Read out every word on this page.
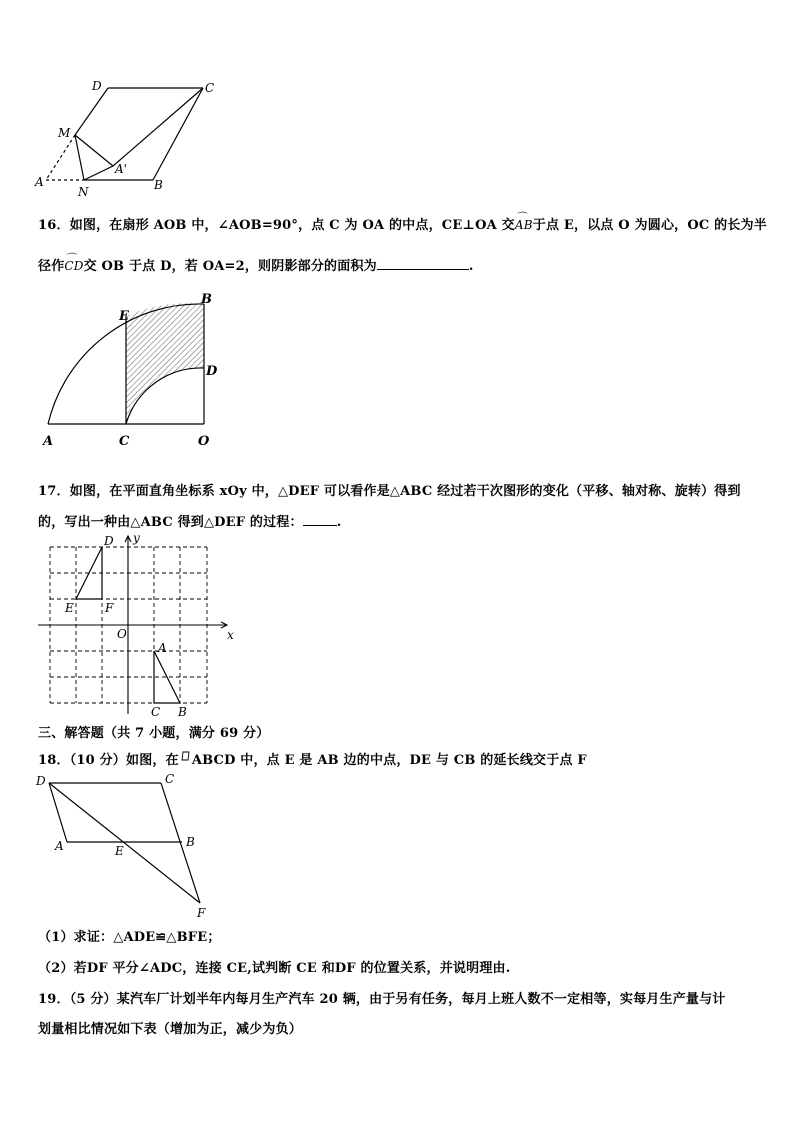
D	C
M
A'
A
N	B
16．如图，在扇形 AOB 中，∠AOB=90°，点 C 为 OA 的中点，CE⊥OA 交⌒ AB于点 E，以点 O 为圆心，OC 的长为半
径作⌒ CD交 OB 于点 D，若 OA=2，则阴影部分的面积为	.
E
B
D
A	C	O
17．如图，在平面直角坐标系 xOy 中，△DEF 可以看作是△ABC 经过若干次图形的变化（平移、轴对称、旋转）得到
的，写出一种由△ABC 得到△DEF 的过程：	.
y
x
O
D
E	F
A
C B
三、解答题（共 7 小题，满分 69 分）
18．（10 分）如图，在 ABCD 中，点 E 是 AB 边的中点，DE 与 CB 的延长线交于点 F
D	C
A	E
B
F
（1）求证：△ADE≌△BFE；
（2）若DF 平分∠ADC，连接 CE,试判断 CE 和DF 的位置关系，并说明理由.
19．（5 分）某汽车厂计划半年内每月生产汽车 20 辆，由于另有任务，每月上班人数不一定相等，实每月生产量与计
划量相比情况如下表（增加为正，减少为负）
